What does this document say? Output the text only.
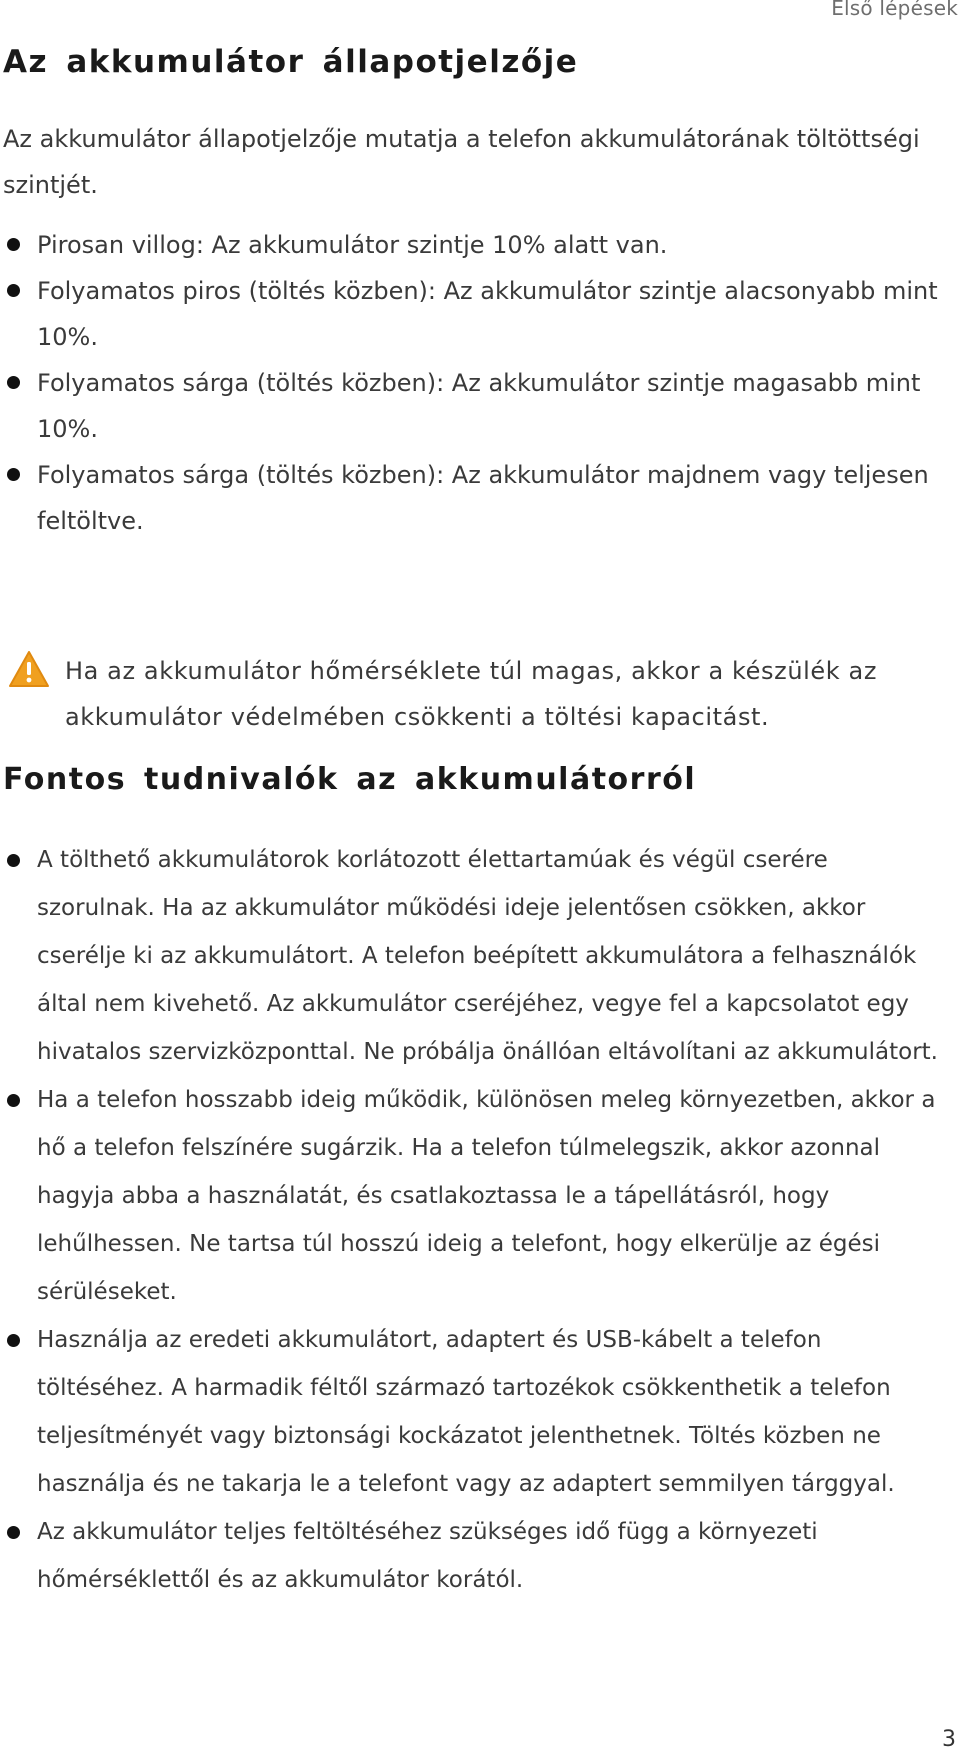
Első lépések
Az akkumulátor állapotjelzője

Az akkumulátor állapotjelzője mutatja a telefon akkumulátorának töltöttségi szintjét.

Pirosan villog: Az akkumulátor szintje 10% alatt van.
Folyamatos piros (töltés közben): Az akkumulátor szintje alacsonyabb mint 10%.
Folyamatos sárga (töltés közben): Az akkumulátor szintje magasabb mint 10%.
Folyamatos sárga (töltés közben): Az akkumulátor majdnem vagy teljesen feltöltve.

Ha az akkumulátor hőmérséklete túl magas, akkor a készülék az akkumulátor védelmében csökkenti a töltési kapacitást.

Fontos tudnivalók az akkumulátorról
A tölthető akkumulátorok korlátozott élettartamúak és végül cserére szorulnak. Ha az akkumulátor működési ideje jelentősen csökken, akkor cserélje ki az akkumulátort. A telefon beépített akkumulátora a felhasználók által nem kivehető. Az akkumulátor cseréjéhez, vegye fel a kapcsolatot egy hivatalos szervizközponttal. Ne próbálja önállóan eltávolítani az akkumulátort.
Ha a telefon hosszabb ideig működik, különösen meleg környezetben, akkor a hő a telefon felszínére sugárzik. Ha a telefon túlmelegszik, akkor azonnal hagyja abba a használatát, és csatlakoztassa le a tápellátásról, hogy lehűlhessen. Ne tartsa túl hosszú ideig a telefont, hogy elkerülje az égési sérüléseket.
Használja az eredeti akkumulátort, adaptert és USB-kábelt a telefon töltéséhez. A harmadik féltől származó tartozékok csökkenthetik a telefon teljesítményét vagy biztonsági kockázatot jelenthetnek. Töltés közben ne használja és ne takarja le a telefont vagy az adaptert semmilyen tárggyal.
Az akkumulátor teljes feltöltéséhez szükséges idő függ a környezeti hőmérséklettől és az akkumulátor korától.
3
